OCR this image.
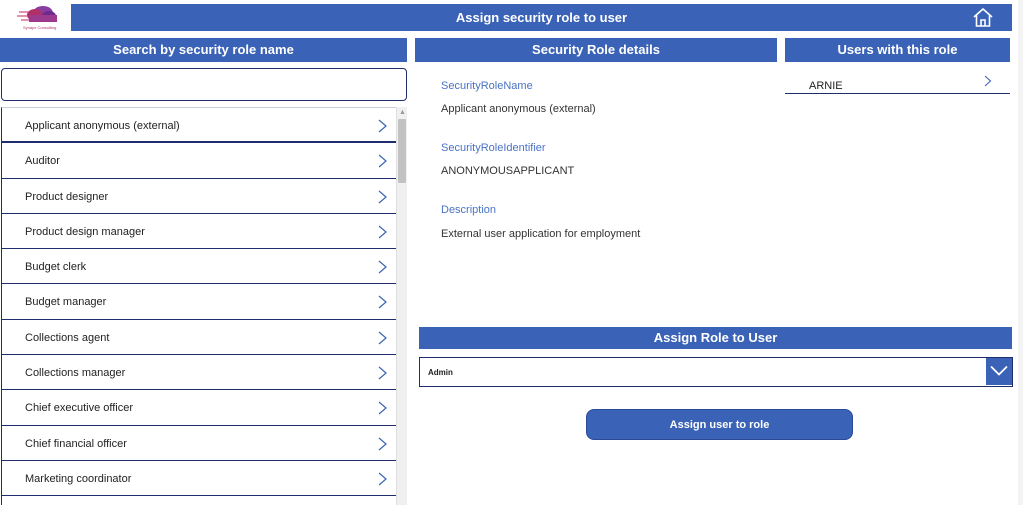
Synapx Consulting
Assign security role to user
Search by security role name	Security Role details	Users with this role
Applicant anonymous (external)
Auditor
Product designer
Product design manager
Budget clerk
Budget manager
Collections agent
Collections manager
Chief executive officer
Chief financial officer
Marketing coordinator
▲
SecurityRoleName
Applicant anonymous (external)
SecurityRoleIdentifier
ANONYMOUSAPPLICANT
Description
External user application for employment
ARNIE
Assign Role to User
Admin
Assign user to role
